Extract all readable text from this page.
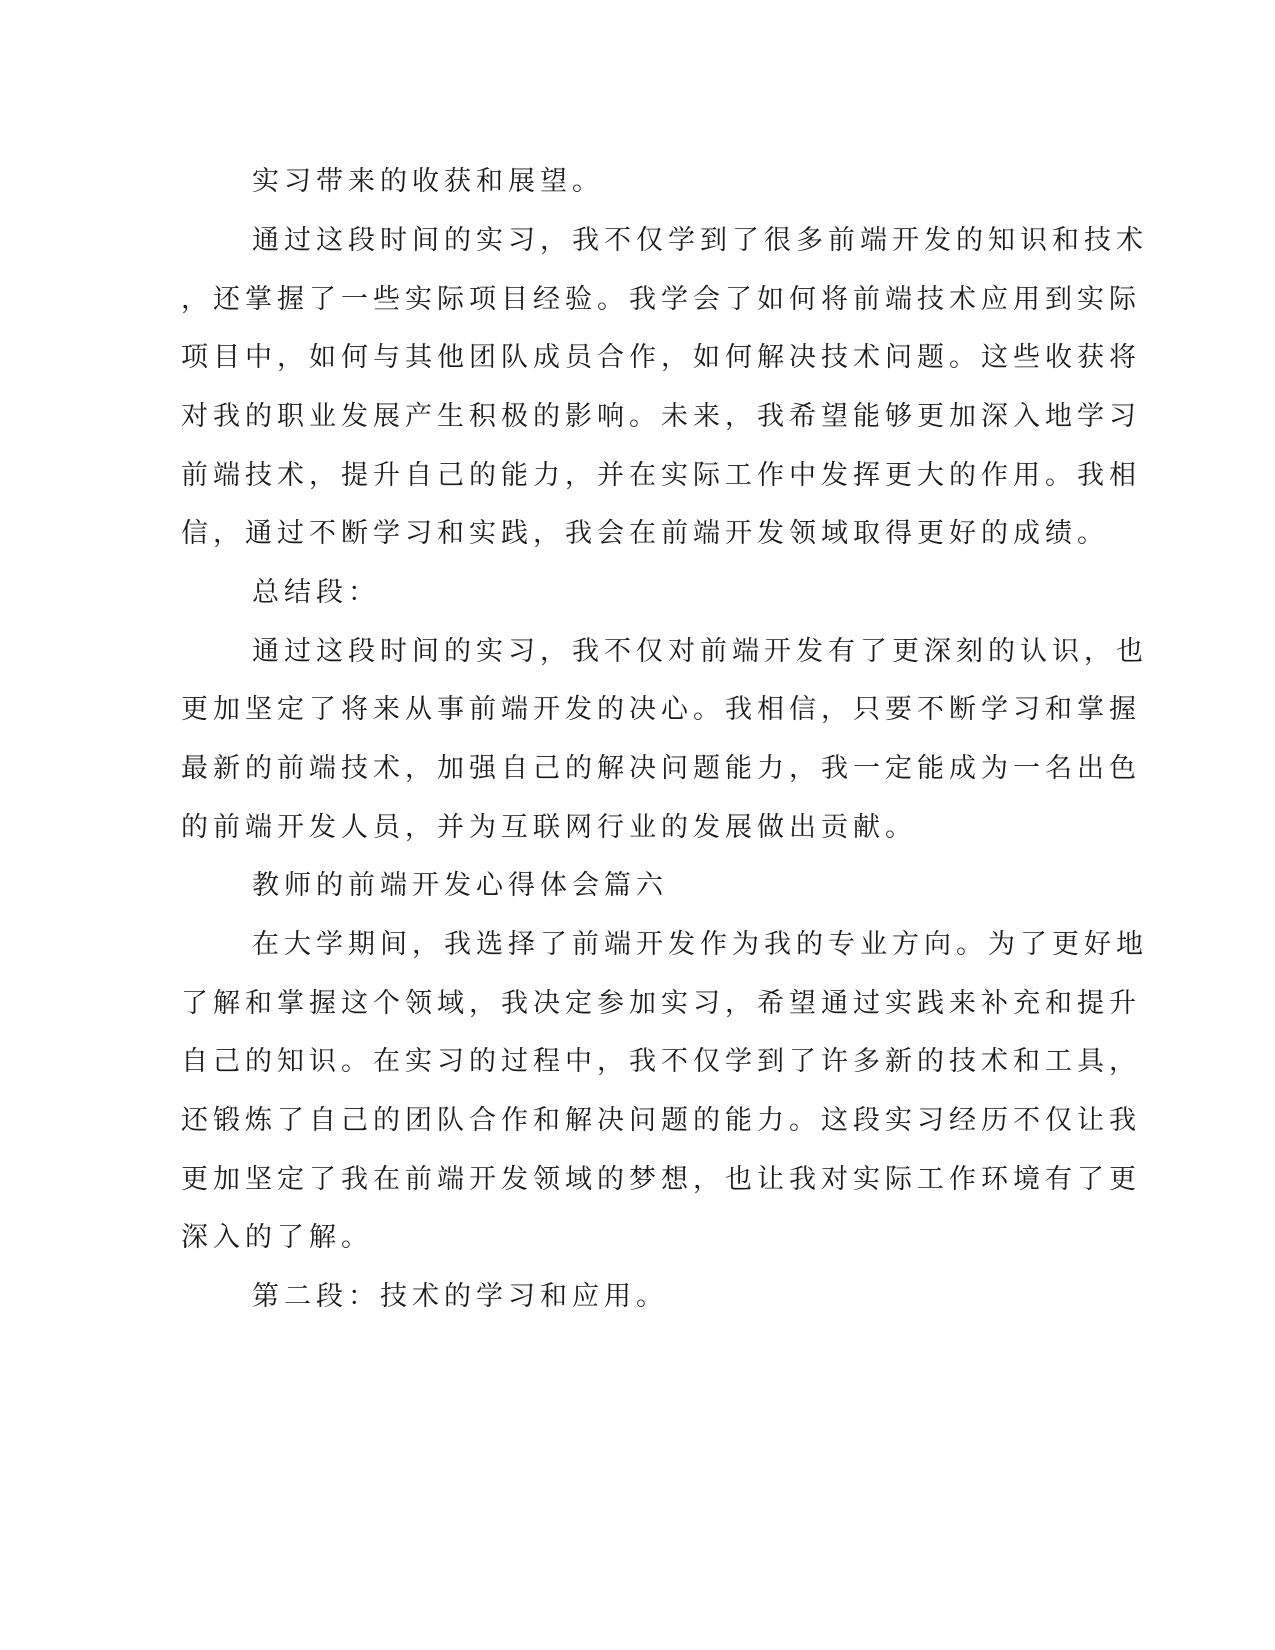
实习带来的收获和展望。
通过这段时间的实习，我不仅学到了很多前端开发的知识和技术
，还掌握了一些实际项目经验。我学会了如何将前端技术应用到实际
项目中，如何与其他团队成员合作，如何解决技术问题。这些收获将
对我的职业发展产生积极的影响。未来，我希望能够更加深入地学习
前端技术，提升自己的能力，并在实际工作中发挥更大的作用。我相
信，通过不断学习和实践，我会在前端开发领域取得更好的成绩。
总结段：
通过这段时间的实习，我不仅对前端开发有了更深刻的认识，也
更加坚定了将来从事前端开发的决心。我相信，只要不断学习和掌握
最新的前端技术，加强自己的解决问题能力，我一定能成为一名出色
的前端开发人员，并为互联网行业的发展做出贡献。
教师的前端开发心得体会篇六
在大学期间，我选择了前端开发作为我的专业方向。为了更好地
了解和掌握这个领域，我决定参加实习，希望通过实践来补充和提升
自己的知识。在实习的过程中，我不仅学到了许多新的技术和工具，
还锻炼了自己的团队合作和解决问题的能力。这段实习经历不仅让我
更加坚定了我在前端开发领域的梦想，也让我对实际工作环境有了更
深入的了解。
第二段：技术的学习和应用。
